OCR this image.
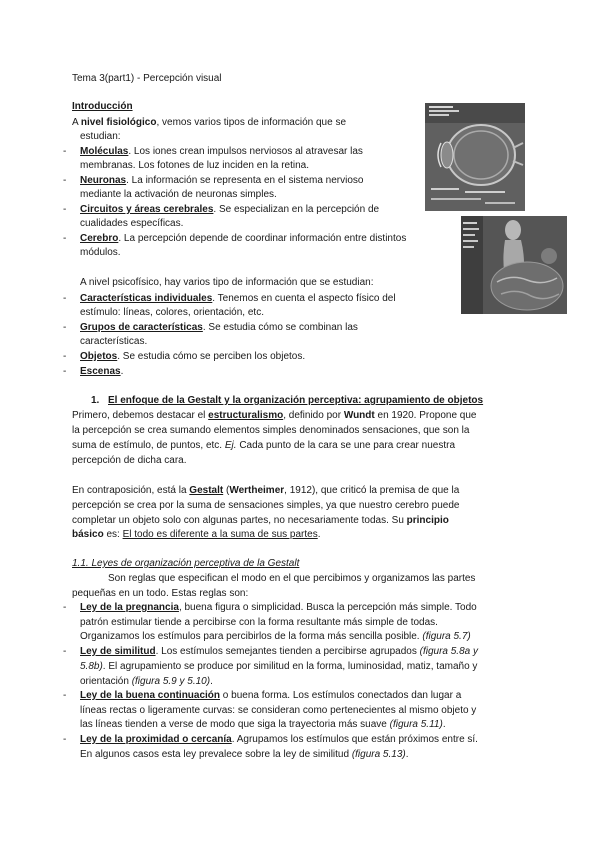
Tema 3(part1) - Percepción visual
Introducción
A nivel fisiológico, vemos varios tipos de información que se
estudian:
- Moléculas. Los iones crean impulsos nerviosos al atravesar las
membranas. Los fotones de luz inciden en la retina.
- Neuronas. La información se representa en el sistema nervioso
mediante la activación de neuronas simples.
- Circuitos y áreas cerebrales. Se especializan en la percepción de
cualidades específicas.
- Cerebro. La percepción depende de coordinar información entre distintos
módulos.
A nivel psicofísico, hay varios tipo de información que se estudian:
- Características individuales. Tenemos en cuenta el aspecto físico del
estímulo: líneas, colores, orientación, etc.
- Grupos de características. Se estudia cómo se combinan las
características.
- Objetos. Se estudia cómo se perciben los objetos.
- Escenas.
1. El enfoque de la Gestalt y la organización perceptiva: agrupamiento de objetos
Primero, debemos destacar el estructuralismo, definido por Wundt en 1920. Propone que
la percepción se crea sumando elementos simples denominados sensaciones, que son la
suma de estímulo, de puntos, etc. Ej. Cada punto de la cara se une para crear nuestra
percepción de dicha cara.
En contraposición, está la Gestalt (Wertheimer, 1912), que criticó la premisa de que la
percepción se crea por la suma de sensaciones simples, ya que nuestro cerebro puede
completar un objeto solo con algunas partes, no necesariamente todas. Su principio
básico es: El todo es diferente a la suma de sus partes.
1.1. Leyes de organización perceptiva de la Gestalt
Son reglas que especifican el modo en el que percibimos y organizamos las partes
pequeñas en un todo. Estas reglas son:
- Ley de la pregnancia, buena figura o simplicidad. Busca la percepción más simple. Todo
patrón estimular tiende a percibirse con la forma resultante más simple de todas.
Organizamos los estímulos para percibirlos de la forma más sencilla posible. (figura 5.7)
- Ley de similitud. Los estímulos semejantes tienden a percibirse agrupados (figura 5.8a y
5.8b). El agrupamiento se produce por similitud en la forma, luminosidad, matiz, tamaño y
orientación (figura 5.9 y 5.10).
- Ley de la buena continuación o buena forma. Los estímulos conectados dan lugar a
líneas rectas o ligeramente curvas: se consideran como pertenecientes al mismo objeto y
las líneas tienden a verse de modo que siga la trayectoria más suave (figura 5.11).
- Ley de la proximidad o cercanía. Agrupamos los estímulos que están próximos entre sí.
En algunos casos esta ley prevalece sobre la ley de similitud (figura 5.13).
